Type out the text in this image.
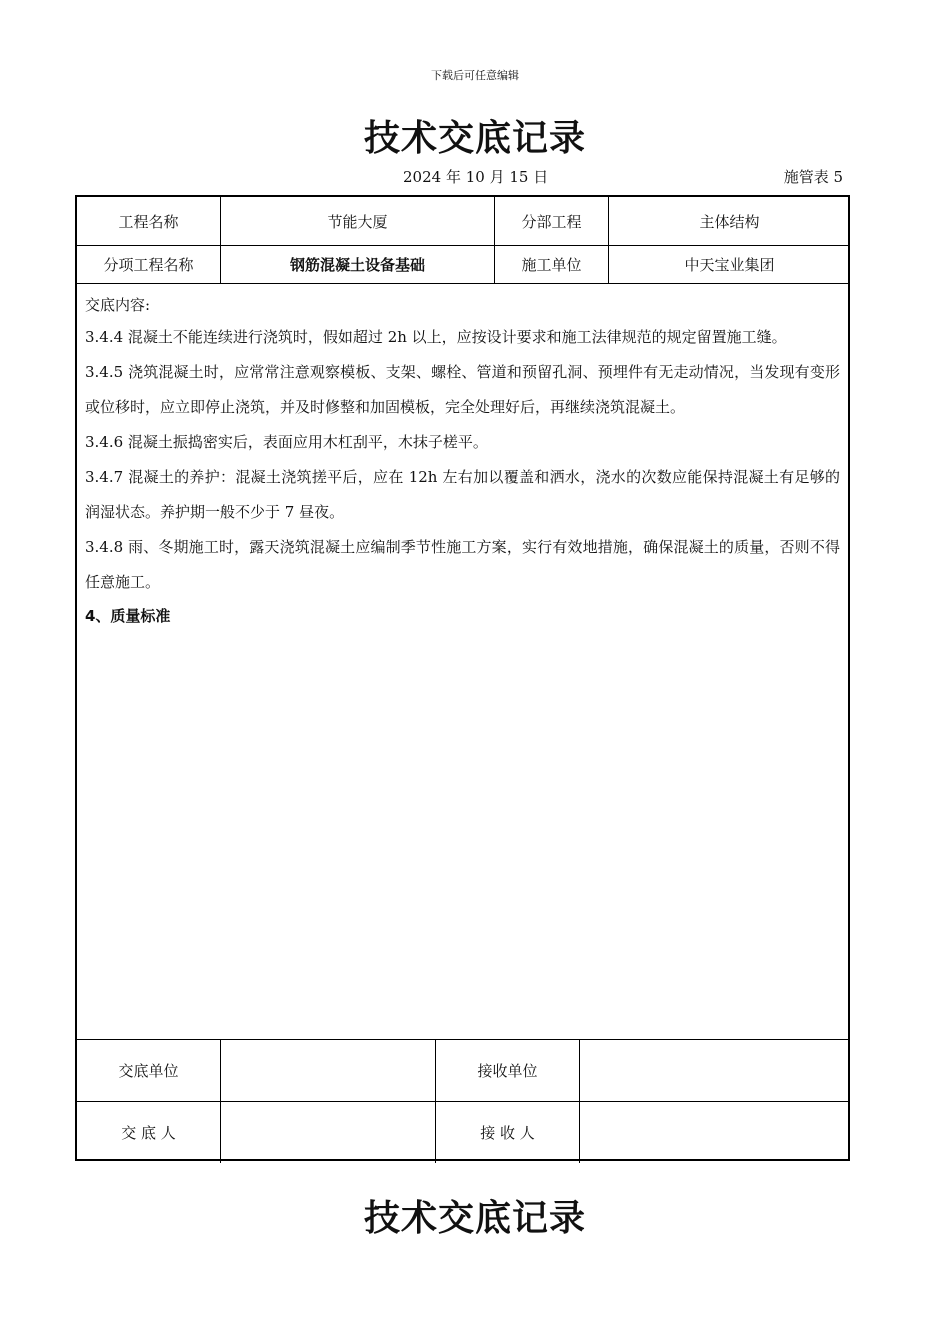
下载后可任意编辑
技术交底记录
2024 年 10 月 15 日	施管表 5
工程名称	节能大厦	分部工程	主体结构
分项工程名称	钢筋混凝土设备基础	施工单位	中天宝业集团

交底内容:

3.4.4 混凝土不能连续进行浇筑时，假如超过 2h 以上，应按设计要求和施工法律规范的规定留置施工缝。

3.4.5 浇筑混凝土时，应常常注意观察模板、支架、螺栓、管道和预留孔洞、预埋件有无走动情况，当发现有变形或位移时，应立即停止浇筑，并及时修整和加固模板，完全处理好后，再继续浇筑混凝土。

3.4.6 混凝土振捣密实后，表面应用木杠刮平，木抹子槎平。

3.4.7 混凝土的养护：混凝土浇筑搓平后，应在 12h 左右加以覆盖和洒水，浇水的次数应能保持混凝土有足够的润湿状态。养护期一般不少于 7 昼夜。

3.4.8 雨、冬期施工时，露天浇筑混凝土应编制季节性施工方案，实行有效地措施，确保混凝土的质量，否则不得任意施工。

4、质量标准

交底单位	接收单位
交 底 人	接 收 人
技术交底记录
